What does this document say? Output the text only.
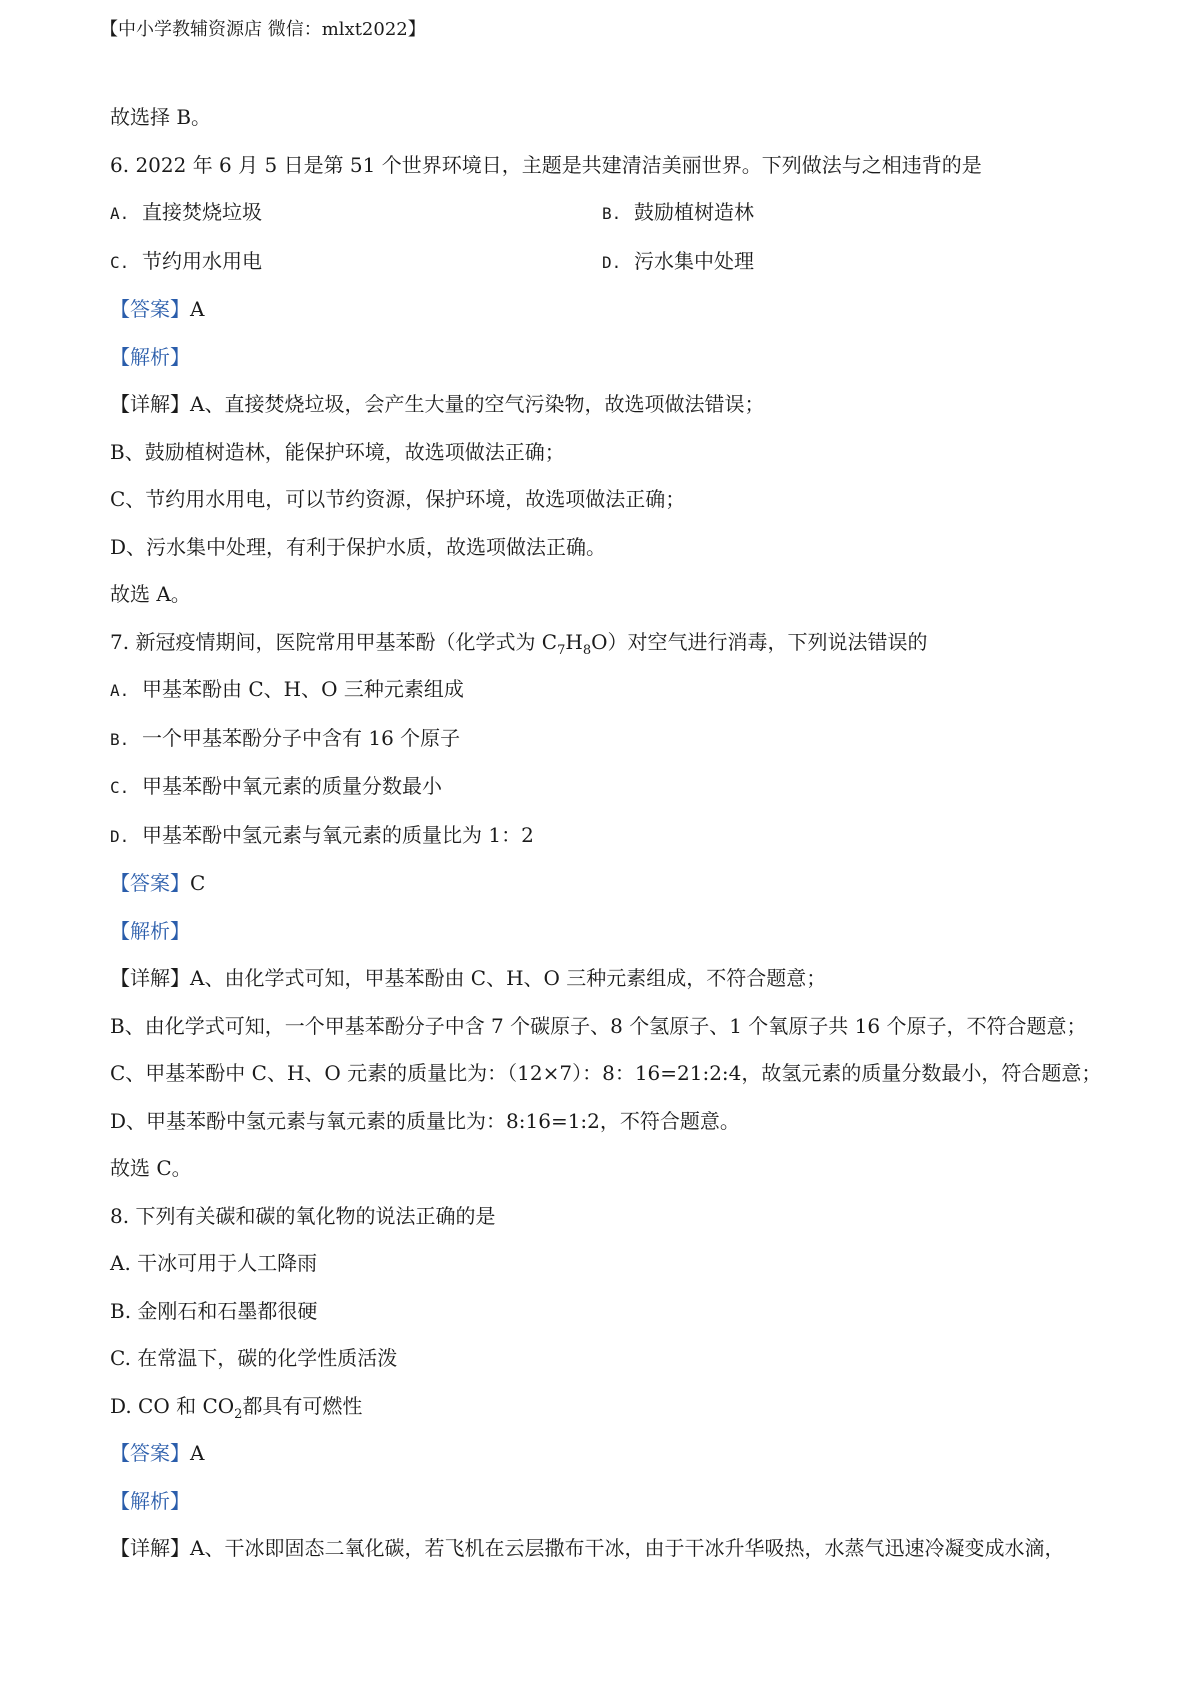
【中小学教辅资源店 微信：mlxt2022】
故选择 B。
6. 2022 年 6 月 5 日是第 51 个世界环境日，主题是共建清洁美丽世界。下列做法与之相违背的是
A. 直接焚烧垃圾	B. 鼓励植树造林
C. 节约用水用电	D. 污水集中处理
【答案】A
【解析】
【详解】A、直接焚烧垃圾，会产生大量的空气污染物，故选项做法错误；
B、鼓励植树造林，能保护环境，故选项做法正确；
C、节约用水用电，可以节约资源，保护环境，故选项做法正确；
D、污水集中处理，有利于保护水质，故选项做法正确。
故选 A。
7. 新冠疫情期间，医院常用甲基苯酚（化学式为 $C_7H_8O$）对空气进行消毒，下列说法错误的
A. 甲基苯酚由 C、H、O 三种元素组成
B. 一个甲基苯酚分子中含有 16 个原子
C. 甲基苯酚中氧元素的质量分数最小
D. 甲基苯酚中氢元素与氧元素的质量比为 1：2
【答案】C
【解析】
【详解】A、由化学式可知，甲基苯酚由 C、H、O 三种元素组成，不符合题意；
B、由化学式可知，一个甲基苯酚分子中含 7 个碳原子、8 个氢原子、1 个氧原子共 16 个原子，不符合题意；
C、甲基苯酚中 C、H、O 元素的质量比为：（12×7）：8：16=21:2:4，故氢元素的质量分数最小，符合题意；
D、甲基苯酚中氢元素与氧元素的质量比为：8:16=1:2，不符合题意。
故选 C。
8. 下列有关碳和碳的氧化物的说法正确的是
A. 干冰可用于人工降雨
B. 金刚石和石墨都很硬
C. 在常温下，碳的化学性质活泼
D. CO 和 $CO_2$都具有可燃性
【答案】A
【解析】
【详解】A、干冰即固态二氧化碳，若飞机在云层撒布干冰，由于干冰升华吸热，水蒸气迅速冷凝变成水滴，
